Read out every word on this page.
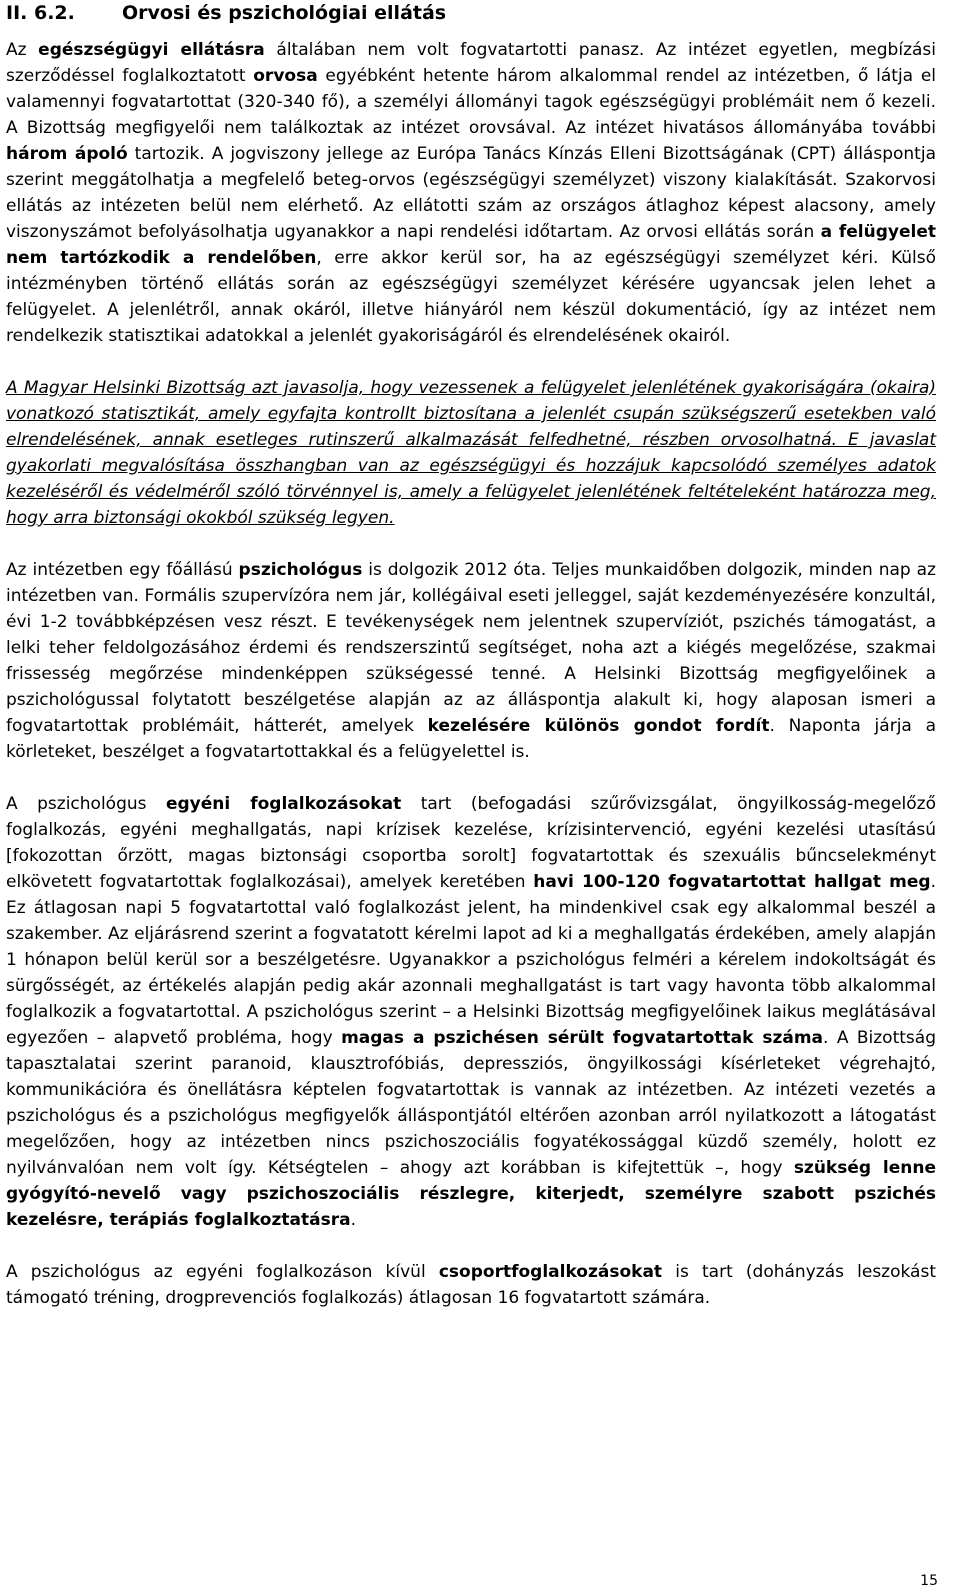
II. 6.2. Orvosi és pszichológiai ellátás

Az egészségügyi ellátásra általában nem volt fogvatartotti panasz. Az intézet egyetlen, megbízási szerződéssel foglalkoztatott orvosa egyébként hetente három alkalommal rendel az intézetben, ő látja el valamennyi fogvatartottat (320-340 fő), a személyi állományi tagok egészségügyi problémáit nem ő kezeli. A Bizottság megfigyelői nem találkoztak az intézet orovsával. Az intézet hivatásos állományába további három ápoló tartozik. A jogviszony jellege az Európa Tanács Kínzás Elleni Bizottságának (CPT) álláspontja szerint meggátolhatja a megfelelő beteg-orvos (egészségügyi személyzet) viszony kialakítását. Szakorvosi ellátás az intézeten belül nem elérhető. Az ellátotti szám az országos átlaghoz képest alacsony, amely viszonyszámot befolyásolhatja ugyanakkor a napi rendelési időtartam. Az orvosi ellátás során a felügyelet nem tartózkodik a rendelőben, erre akkor kerül sor, ha az egészségügyi személyzet kéri. Külső intézményben történő ellátás során az egészségügyi személyzet kérésére ugyancsak jelen lehet a felügyelet. A jelenlétről, annak okáról, illetve hiányáról nem készül dokumentáció, így az intézet nem rendelkezik statisztikai adatokkal a jelenlét gyakoriságáról és elrendelésének okairól.

A Magyar Helsinki Bizottság azt javasolja, hogy vezessenek a felügyelet jelenlétének gyakoriságára (okaira) vonatkozó statisztikát, amely egyfajta kontrollt biztosítana a jelenlét csupán szükségszerű esetekben való elrendelésének, annak esetleges rutinszerű alkalmazását felfedhetné, részben orvosolhatná. E javaslat gyakorlati megvalósítása összhangban van az egészségügyi és hozzájuk kapcsolódó személyes adatok kezeléséről és védelméről szóló törvénnyel is, amely a felügyelet jelenlétének feltételeként határozza meg, hogy arra biztonsági okokból szükség legyen.

Az intézetben egy főállású pszichológus is dolgozik 2012 óta. Teljes munkaidőben dolgozik, minden nap az intézetben van. Formális szupervízóra nem jár, kollégáival eseti jelleggel, saját kezdeményezésére konzultál, évi 1-2 továbbképzésen vesz részt. E tevékenységek nem jelentnek szupervíziót, pszichés támogatást, a lelki teher feldolgozásához érdemi és rendszerszintű segítséget, noha azt a kiégés megelőzése, szakmai frissesség megőrzése mindenképpen szükségessé tenné. A Helsinki Bizottság megfigyelőinek a pszichológussal folytatott beszélgetése alapján az az álláspontja alakult ki, hogy alaposan ismeri a fogvatartottak problémáit, hátterét, amelyek kezelésére különös gondot fordít. Naponta járja a körleteket, beszélget a fogvatartottakkal és a felügyelettel is.

A pszichológus egyéni foglalkozásokat tart (befogadási szűrővizsgálat, öngyilkosság-megelőző foglalkozás, egyéni meghallgatás, napi krízisek kezelése, krízisintervenció, egyéni kezelési utasítású [fokozottan őrzött, magas biztonsági csoportba sorolt] fogvatartottak és szexuális bűncselekményt elkövetett fogvatartottak foglalkozásai), amelyek keretében havi 100-120 fogvatartottat hallgat meg. Ez átlagosan napi 5 fogvatartottal való foglalkozást jelent, ha mindenkivel csak egy alkalommal beszél a szakember. Az eljárásrend szerint a fogvatatott kérelmi lapot ad ki a meghallgatás érdekében, amely alapján 1 hónapon belül kerül sor a beszélgetésre. Ugyanakkor a pszichológus felméri a kérelem indokoltságát és sürgősségét, az értékelés alapján pedig akár azonnali meghallgatást is tart vagy havonta több alkalommal foglalkozik a fogvatartottal. A pszichológus szerint – a Helsinki Bizottság megfigyelőinek laikus meglátásával egyezően – alapvető probléma, hogy magas a pszichésen sérült fogvatartottak száma. A Bizottság tapasztalatai szerint paranoid, klausztrofóbiás, depressziós, öngyilkossági kísérleteket végrehajtó, kommunikációra és önellátásra képtelen fogvatartottak is vannak az intézetben. Az intézeti vezetés a pszichológus és a pszichológus megfigyelők álláspontjától eltérően azonban arról nyilatkozott a látogatást megelőzően, hogy az intézetben nincs pszichoszociális fogyatékossággal küzdő személy, holott ez nyilvánvalóan nem volt így. Kétségtelen – ahogy azt korábban is kifejtettük –, hogy szükség lenne gyógyító-nevelő vagy pszichoszociális részlegre, kiterjedt, személyre szabott pszichés kezelésre, terápiás foglalkoztatásra.

A pszichológus az egyéni foglalkozáson kívül csoportfoglalkozásokat is tart (dohányzás leszokást támogató tréning, drogprevenciós foglalkozás) átlagosan 16 fogvatartott számára.

15
